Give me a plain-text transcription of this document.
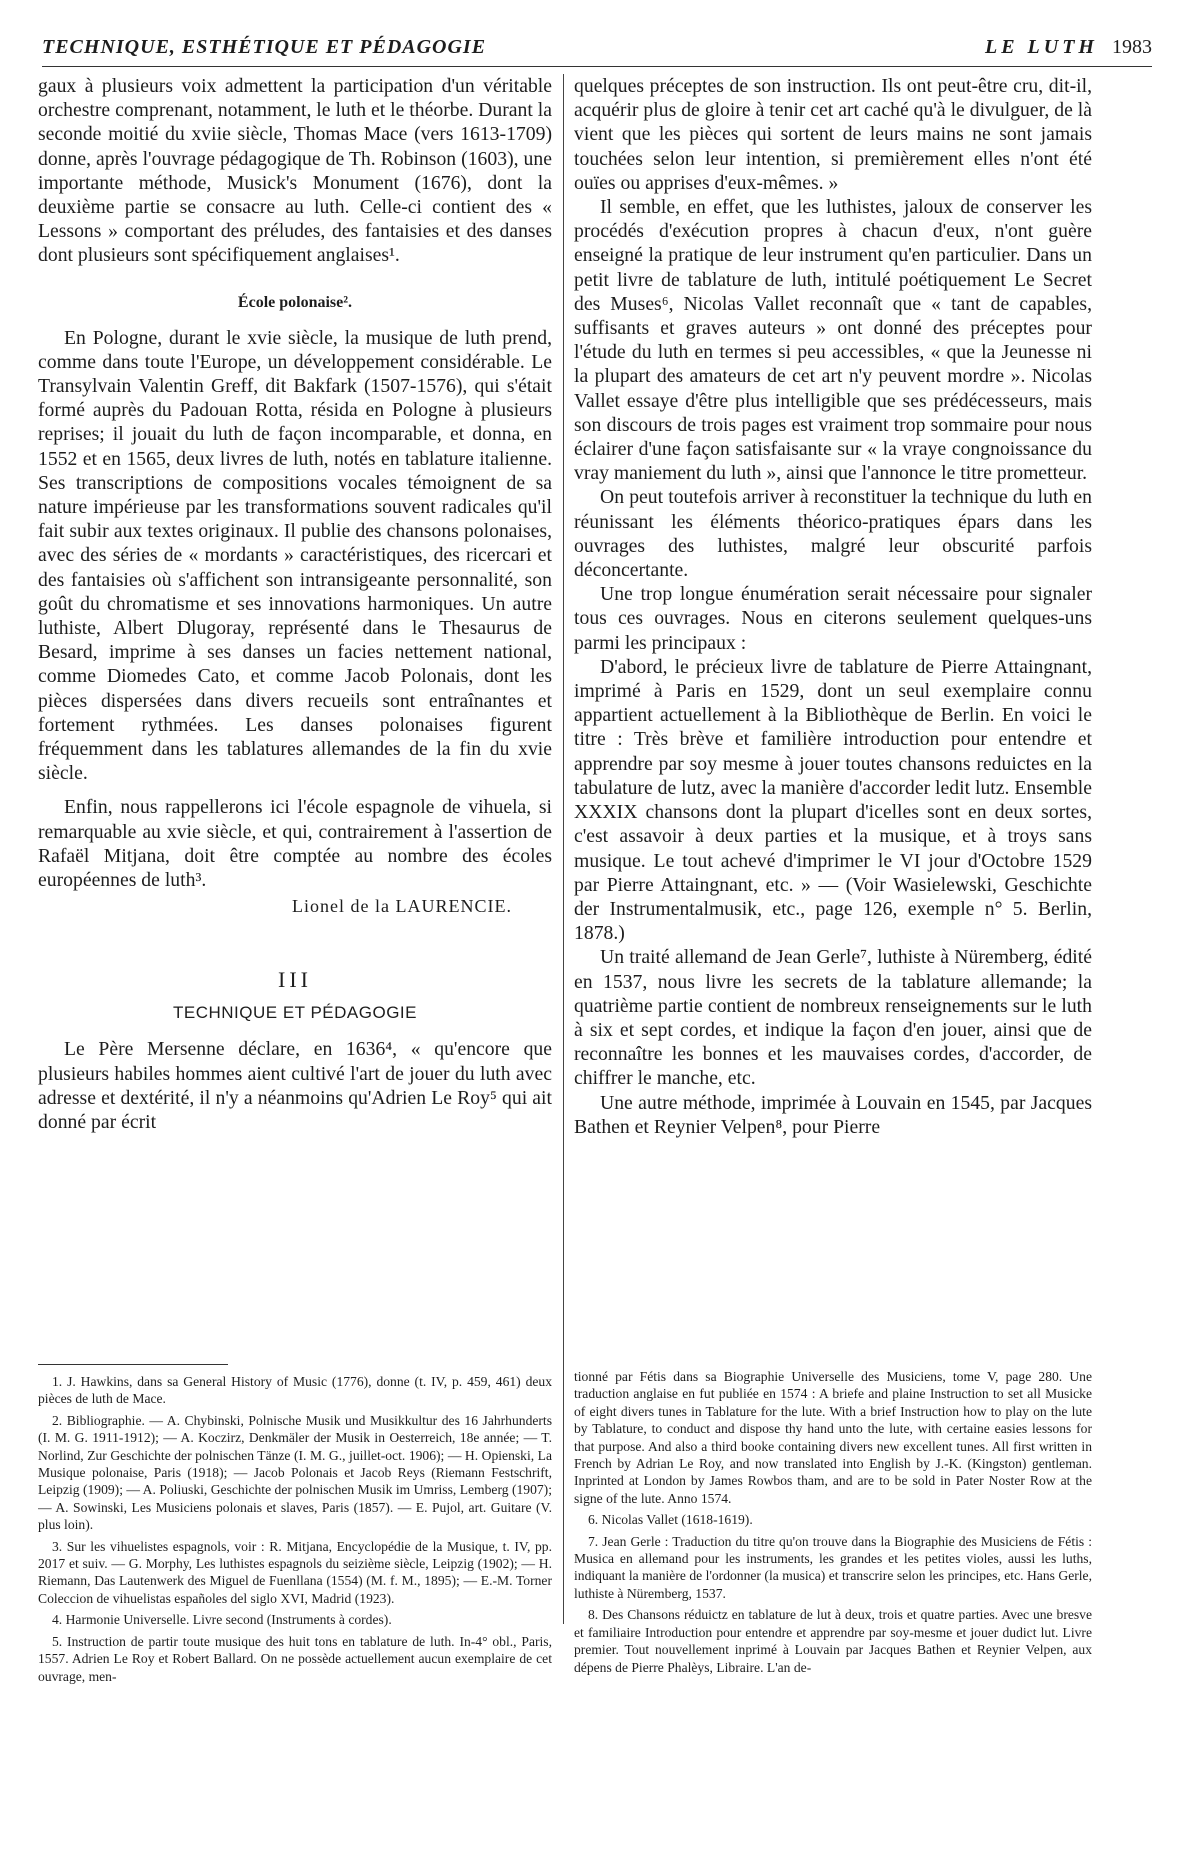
TECHNIQUE, ESTHÉTIQUE ET PÉDAGOGIE	LE LUTH 1983

gaux à plusieurs voix admettent la participation d'un véritable orchestre comprenant, notamment, le luth et le théorbe. Durant la seconde moitié du xviie siècle, Thomas Mace (vers 1613-1709) donne, après l'ouvrage pédagogique de Th. Robinson (1603), une importante méthode, Musick's Monument (1676), dont la deuxième partie se consacre au luth. Celle-ci contient des « Lessons » comportant des préludes, des fantaisies et des danses dont plusieurs sont spécifiquement anglaises¹.

École polonaise².

En Pologne, durant le xvie siècle, la musique de luth prend, comme dans toute l'Europe, un développement considérable. Le Transylvain Valentin Greff, dit Bakfark (1507-1576), qui s'était formé auprès du Padouan Rotta, résida en Pologne à plusieurs reprises; il jouait du luth de façon incomparable, et donna, en 1552 et en 1565, deux livres de luth, notés en tablature italienne. Ses transcriptions de compositions vocales témoignent de sa nature impérieuse par les transformations souvent radicales qu'il fait subir aux textes originaux. Il publie des chansons polonaises, avec des séries de « mordants » caractéristiques, des ricercari et des fantaisies où s'affichent son intransigeante personnalité, son goût du chromatisme et ses innovations harmoniques. Un autre luthiste, Albert Dlugoray, représenté dans le Thesaurus de Besard, imprime à ses danses un facies nettement national, comme Diomedes Cato, et comme Jacob Polonais, dont les pièces dispersées dans divers recueils sont entraînantes et fortement rythmées. Les danses polonaises figurent fréquemment dans les tablatures allemandes de la fin du xvie siècle.

Enfin, nous rappellerons ici l'école espagnole de vihuela, si remarquable au xvie siècle, et qui, contrairement à l'assertion de Rafaël Mitjana, doit être comptée au nombre des écoles européennes de luth³.

Lionel de la LAURENCIE.
III
TECHNIQUE ET PÉDAGOGIE

Le Père Mersenne déclare, en 1636⁴, « qu'encore que plusieurs habiles hommes aient cultivé l'art de jouer du luth avec adresse et dextérité, il n'y a néanmoins qu'Adrien Le Roy⁵ qui ait donné par écrit

1. J. Hawkins, dans sa General History of Music (1776), donne (t. IV, p. 459, 461) deux pièces de luth de Mace.

2. Bibliographie. — A. Chybinski, Polnische Musik und Musikkultur des 16 Jahrhunderts (I. M. G. 1911-1912); — A. Koczirz, Denkmäler der Musik in Oesterreich, 18e année; — T. Norlind, Zur Geschichte der polnischen Tänze (I. M. G., juillet-oct. 1906); — H. Opienski, La Musique polonaise, Paris (1918); — Jacob Polonais et Jacob Reys (Riemann Festschrift, Leipzig (1909); — A. Poliuski, Geschichte der polnischen Musik im Umriss, Lemberg (1907); — A. Sowinski, Les Musiciens polonais et slaves, Paris (1857). — E. Pujol, art. Guitare (V. plus loin).

3. Sur les vihuelistes espagnols, voir : R. Mitjana, Encyclopédie de la Musique, t. IV, pp. 2017 et suiv. — G. Morphy, Les luthistes espagnols du seizième siècle, Leipzig (1902); — H. Riemann, Das Lautenwerk des Miguel de Fuenllana (1554) (M. f. M., 1895); — E.-M. Torner Coleccion de vihuelistas españoles del siglo XVI, Madrid (1923).

4. Harmonie Universelle. Livre second (Instruments à cordes).

5. Instruction de partir toute musique des huit tons en tablature de luth. In-4° obl., Paris, 1557. Adrien Le Roy et Robert Ballard. On ne possède actuellement aucun exemplaire de cet ouvrage, men-

quelques préceptes de son instruction. Ils ont peut-être cru, dit-il, acquérir plus de gloire à tenir cet art caché qu'à le divulguer, de là vient que les pièces qui sortent de leurs mains ne sont jamais touchées selon leur intention, si premièrement elles n'ont été ouïes ou apprises d'eux-mêmes. »

Il semble, en effet, que les luthistes, jaloux de conserver les procédés d'exécution propres à chacun d'eux, n'ont guère enseigné la pratique de leur instrument qu'en particulier. Dans un petit livre de tablature de luth, intitulé poétiquement Le Secret des Muses⁶, Nicolas Vallet reconnaît que « tant de capables, suffisants et graves auteurs » ont donné des préceptes pour l'étude du luth en termes si peu accessibles, « que la Jeunesse ni la plupart des amateurs de cet art n'y peuvent mordre ». Nicolas Vallet essaye d'être plus intelligible que ses prédécesseurs, mais son discours de trois pages est vraiment trop sommaire pour nous éclairer d'une façon satisfaisante sur « la vraye congnoissance du vray maniement du luth », ainsi que l'annonce le titre prometteur.

On peut toutefois arriver à reconstituer la technique du luth en réunissant les éléments théorico-pratiques épars dans les ouvrages des luthistes, malgré leur obscurité parfois déconcertante.

Une trop longue énumération serait nécessaire pour signaler tous ces ouvrages. Nous en citerons seulement quelques-uns parmi les principaux :

D'abord, le précieux livre de tablature de Pierre Attaingnant, imprimé à Paris en 1529, dont un seul exemplaire connu appartient actuellement à la Bibliothèque de Berlin. En voici le titre : Très brève et familière introduction pour entendre et apprendre par soy mesme à jouer toutes chansons reduictes en la tabulature de lutz, avec la manière d'accorder ledit lutz. Ensemble XXXIX chansons dont la plupart d'icelles sont en deux sortes, c'est assavoir à deux parties et la musique, et à troys sans musique. Le tout achevé d'imprimer le VI jour d'Octobre 1529 par Pierre Attaingnant, etc. » — (Voir Wasielewski, Geschichte der Instrumentalmusik, etc., page 126, exemple n° 5. Berlin, 1878.)

Un traité allemand de Jean Gerle⁷, luthiste à Nüremberg, édité en 1537, nous livre les secrets de la tablature allemande; la quatrième partie contient de nombreux renseignements sur le luth à six et sept cordes, et indique la façon d'en jouer, ainsi que de reconnaître les bonnes et les mauvaises cordes, d'accorder, de chiffrer le manche, etc.

Une autre méthode, imprimée à Louvain en 1545, par Jacques Bathen et Reynier Velpen⁸, pour Pierre

tionné par Fétis dans sa Biographie Universelle des Musiciens, tome V, page 280. Une traduction anglaise en fut publiée en 1574 : A briefe and plaine Instruction to set all Musicke of eight divers tunes in Tablature for the lute. With a brief Instruction how to play on the lute by Tablature, to conduct and dispose thy hand unto the lute, with certaine easies lessons for that purpose. And also a third booke containing divers new excellent tunes. All first written in French by Adrian Le Roy, and now translated into English by J.-K. (Kingston) gentleman. Inprinted at London by James Rowbos tham, and are to be sold in Pater Noster Row at the signe of the lute. Anno 1574.

6. Nicolas Vallet (1618-1619).

7. Jean Gerle : Traduction du titre qu'on trouve dans la Biographie des Musiciens de Fétis : Musica en allemand pour les instruments, les grandes et les petites violes, aussi les luths, indiquant la manière de l'ordonner (la musica) et transcrire selon les principes, etc. Hans Gerle, luthiste à Nüremberg, 1537.

8. Des Chansons réduictz en tablature de lut à deux, trois et quatre parties. Avec une bresve et familiaire Introduction pour entendre et apprendre par soy-mesme et jouer dudict lut. Livre premier. Tout nouvellement inprimé à Louvain par Jacques Bathen et Reynier Velpen, aux dépens de Pierre Phalèys, Libraire. L'an de-
